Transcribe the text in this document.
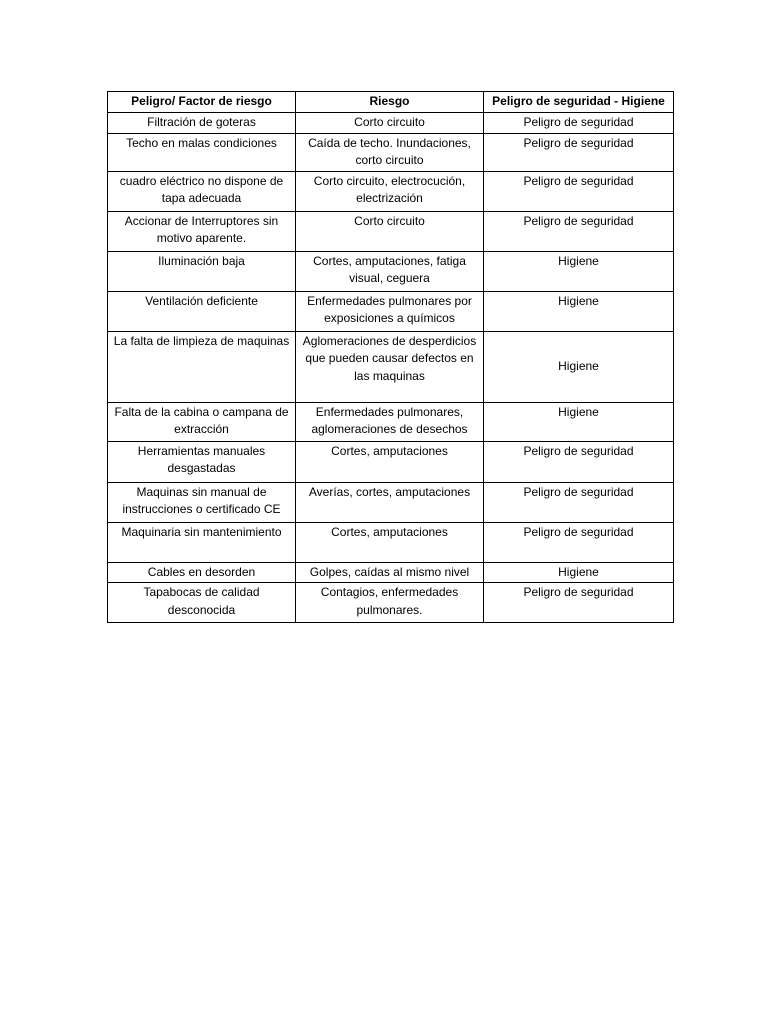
Peligro/ Factor de riesgo	Riesgo	Peligro de seguridad - Higiene
Filtración de goteras	Corto circuito	Peligro de seguridad
Techo en malas condiciones	Caída de techo. Inundaciones, corto circuito	Peligro de seguridad
cuadro eléctrico no dispone de tapa adecuada	Corto circuito, electrocución, electrización	Peligro de seguridad
Accionar de Interruptores sin motivo aparente.	Corto circuito	Peligro de seguridad
Iluminación baja	Cortes, amputaciones, fatiga visual, ceguera	Higiene
Ventilación deficiente	Enfermedades pulmonares por exposiciones a químicos	Higiene
La falta de limpieza de maquinas	Aglomeraciones de desperdicios que pueden causar defectos en las maquinas	Higiene
Falta de la cabina o campana de extracción	Enfermedades pulmonares, aglomeraciones de desechos	Higiene
Herramientas manuales desgastadas	Cortes, amputaciones	Peligro de seguridad
Maquinas sin manual de instrucciones o certificado CE	Averías, cortes, amputaciones	Peligro de seguridad
Maquinaria sin mantenimiento	Cortes, amputaciones	Peligro de seguridad
Cables en desorden	Golpes, caídas al mismo nivel	Higiene
Tapabocas de calidad desconocida	Contagios, enfermedades pulmonares.	Peligro de seguridad
